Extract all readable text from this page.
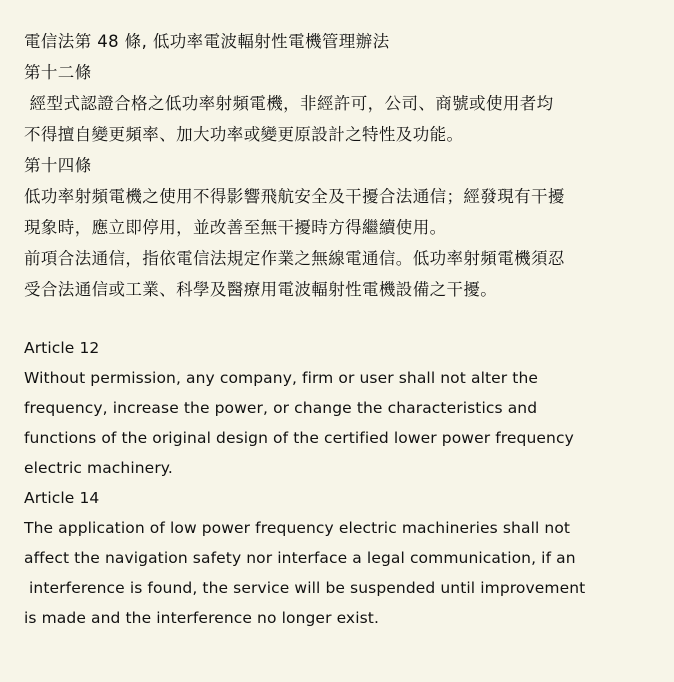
電信法第 48 條, 低功率電波輻射性電機管理辦法
第十二條
經型式認證合格之低功率射頻電機，非經許可，公司、商號或使用者均
不得擅自變更頻率、加大功率或變更原設計之特性及功能。
第十四條
低功率射頻電機之使用不得影響飛航安全及干擾合法通信；經發現有干擾
現象時，應立即停用，並改善至無干擾時方得繼續使用。
前項合法通信，指依電信法規定作業之無線電通信。低功率射頻電機須忍
受合法通信或工業、科學及醫療用電波輻射性電機設備之干擾。
Article 12
Without permission, any company, firm or user shall not alter the
frequency, increase the power, or change the characteristics and
functions of the original design of the certified lower power frequency
electric machinery.
Article 14
The application of low power frequency electric machineries shall not
affect the navigation safety nor interface a legal communication, if an
interference is found, the service will be suspended until improvement
is made and the interference no longer exist.
